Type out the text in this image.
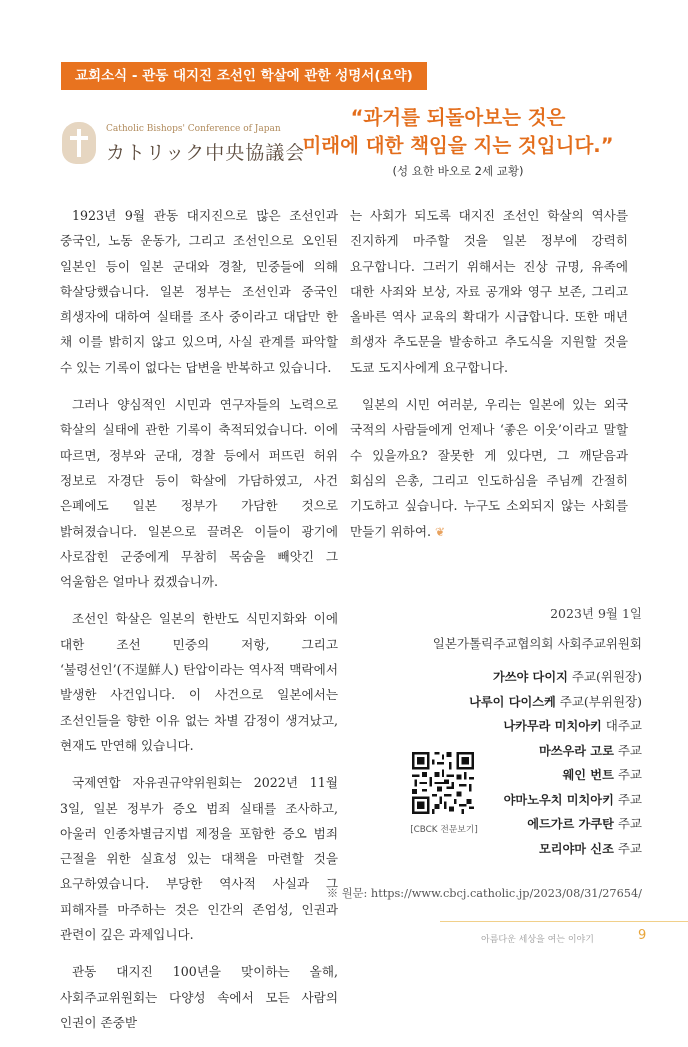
교회소식 - 관동 대지진 조선인 학살에 관한 성명서(요약)
Catholic Bishops' Conference of Japan
カトリック中央協議会
“과거를 되돌아보는 것은
미래에 대한 책임을 지는 것입니다.”
(성 요한 바오로 2세 교황)

1923년 9월 관동 대지진으로 많은 조선인과 중국인, 노동 운동가, 그리고 조선인으로 오인된 일본인 등이 일본 군대와 경찰, 민중들에 의해 학살당했습니다. 일본 정부는 조선인과 중국인 희생자에 대하여 실태를 조사 중이라고 대답만 한 채 이를 밝히지 않고 있으며, 사실 관계를 파악할 수 있는 기록이 없다는 답변을 반복하고 있습니다.

그러나 양심적인 시민과 연구자들의 노력으로 학살의 실태에 관한 기록이 축적되었습니다. 이에 따르면, 정부와 군대, 경찰 등에서 퍼뜨린 허위 정보로 자경단 등이 학살에 가담하였고, 사건 은폐에도 일본 정부가 가담한 것으로 밝혀졌습니다. 일본으로 끌려온 이들이 광기에 사로잡힌 군중에게 무참히 목숨을 빼앗긴 그 억울함은 얼마나 컸겠습니까.

조선인 학살은 일본의 한반도 식민지화와 이에 대한 조선 민중의 저항, 그리고 ‘불령선인’(不逞鮮人) 탄압이라는 역사적 맥락에서 발생한 사건입니다. 이 사건으로 일본에서는 조선인들을 향한 이유 없는 차별 감정이 생겨났고, 현재도 만연해 있습니다.

국제연합 자유권규약위원회는 2022년 11월 3일, 일본 정부가 증오 범죄 실태를 조사하고, 아울러 인종차별금지법 제정을 포함한 증오 범죄 근절을 위한 실효성 있는 대책을 마련할 것을 요구하였습니다. 부당한 역사적 사실과 그 피해자를 마주하는 것은 인간의 존엄성, 인권과 관련이 깊은 과제입니다.

관동 대지진 100년을 맞이하는 올해, 사회주교위원회는 다양성 속에서 모든 사람의 인권이 존중받

는 사회가 되도록 대지진 조선인 학살의 역사를 진지하게 마주할 것을 일본 정부에 강력히 요구합니다. 그러기 위해서는 진상 규명, 유족에 대한 사죄와 보상, 자료 공개와 영구 보존, 그리고 올바른 역사 교육의 확대가 시급합니다. 또한 매년 희생자 추도문을 발송하고 추도식을 지원할 것을 도쿄 도지사에게 요구합니다.

일본의 시민 여러분, 우리는 일본에 있는 외국 국적의 사람들에게 언제나 ‘좋은 이웃’이라고 말할 수 있을까요? 잘못한 게 있다면, 그 깨닫음과 회심의 은총, 그리고 인도하심을 주님께 간절히 기도하고 싶습니다. 누구도 소외되지 않는 사회를 만들기 위하여. ❦

2023년 9월 1일
일본가톨릭주교협의회 사회주교위원회
가쓰야 다이지 주교(위원장)
나루이 다이스케 주교(부위원장)
나카무라 미치아키 대주교
마쓰우라 고로 주교
웨인 번트 주교
야마노우치 미치아키 주교
에드가르 가쿠탄 주교
모리야마 신조 주교
[CBCK 전문보기]
※ 원문: https://www.cbcj.catholic.jp/2023/08/31/27654/
아름다운 세상을 여는 이야기	9
